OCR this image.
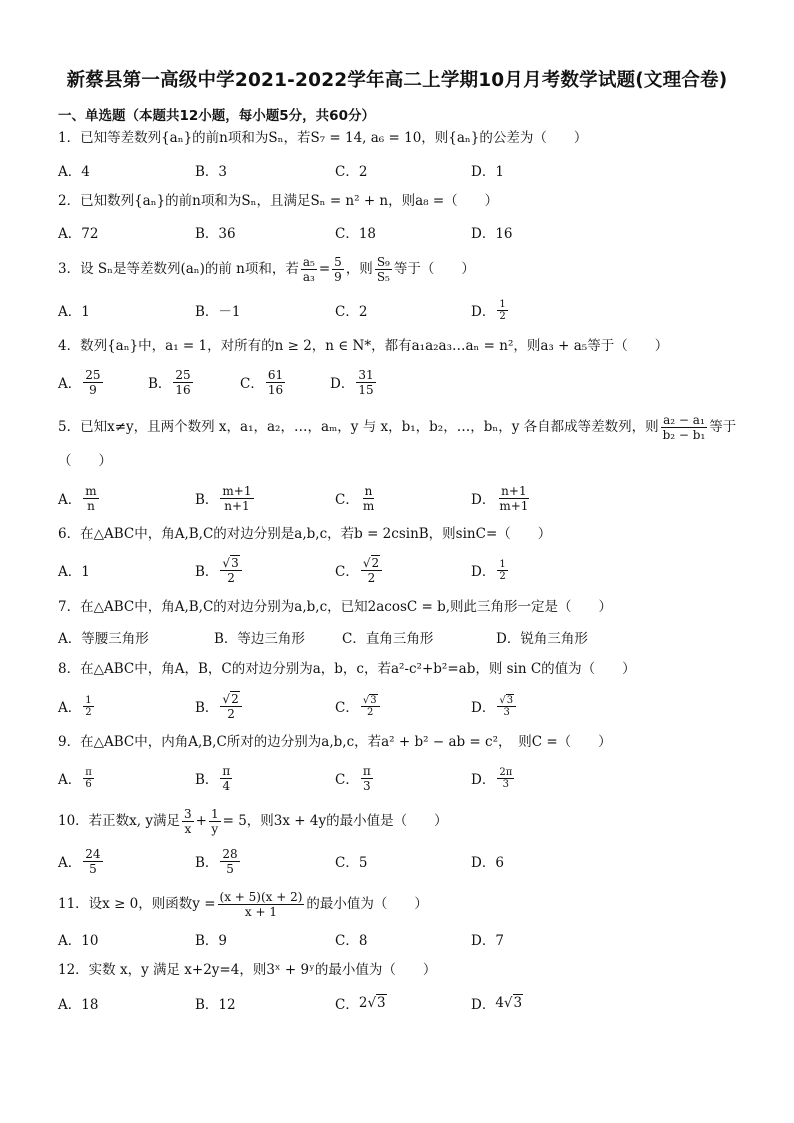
新蔡县第一高级中学2021-2022学年高二上学期10月月考数学试题(文理合卷)
一、单选题（本题共12小题，每小题5分，共60分）
1．已知等差数列{aₙ}的前n项和为Sₙ，若S₇ = 14, a₆ = 10，则{aₙ}的公差为（　　）
A．4	B．3	C．2	D．1
2．已知数列{aₙ}的前n项和为Sₙ，且满足Sₙ = n² + n，则a₈ =（　　）
A．72	B．36	C．18	D．16
3．设 Sₙ是等差数列(aₙ)的前 n项和，若 $\frac{\text{a₅}}{\text{a₃}} = \frac{5}{9}$ ，则 $\frac{\text{S₉}}{\text{S₅}}$ 等于（　　）
A．1	B．－1	C．2	D． $\frac{1}{2}$
4．数列{aₙ}中，a₁ = 1，对所有的n ≥ 2，n ∈ N*，都有a₁a₂a₃…aₙ = n²，则a₃ + a₅等于（　　）
A． $\frac{25}{9}$	B． $\frac{25}{16}$	C． $\frac{61}{16}$	D． $\frac{31}{15}$
5．已知x≠y，且两个数列 x，a₁，a₂，…，aₘ，y 与 x，b₁，b₂，…，bₙ，y 各自都成等差数列，则 $\frac{\text{a₂ − a₁}}{\text{b₂ − b₁}}$ 等于
（　　）
A． $\frac{m}{n}$	B． $\frac{m+1}{n+1}$	C． $\frac{n}{m}$	D． $\frac{n+1}{m+1}$
6．在△ABC中，角A,B,C的对边分别是a,b,c，若b = 2csinB，则sinC=（　　）
A．1	B． $\frac{√3}{2}$	C． $\frac{√2}{2}$	D． $\frac{1}{2}$
7．在△ABC中，角A,B,C的对边分别为a,b,c，已知2acosC = b,则此三角形一定是（　　）
A．等腰三角形	B．等边三角形	C．直角三角形	D．锐角三角形
8．在△ABC中，角A，B，C的对边分别为a，b，c，若a²-c²+b²=ab，则 sin C的值为（　　）
A． $\frac{1}{2}$	B． $\frac{√2}{2}$	C． $\frac{√3}{2}$	D． $\frac{√3}{3}$
9．在△ABC中，内角A,B,C所对的边分别为a,b,c，若a² + b² − ab = c²，　则C =（　　）
A． $\frac{\pi}{6}$	B． $\frac{\pi}{4}$	C． $\frac{\pi}{3}$	D． $\frac{2\pi}{3}$
10．若正数x, y满足 $\frac{3}{x} + \frac{1}{y} = 5$，则3x + 4y的最小值是（　　）
A． $\frac{24}{5}$	B． $\frac{28}{5}$	C．5	D．6
11．设x ≥ 0，则函数$y = \frac{(x + 5)(x + 2)}{x + 1}$ 的最小值为（　　）
A．10	B．9	C．8	D．7
12．实数 x，y 满足 x+2y=4，则3ˣ + 9ʸ的最小值为（　　）
A．18	B．12	C． 2 √ 3	D． 4 √ 3
